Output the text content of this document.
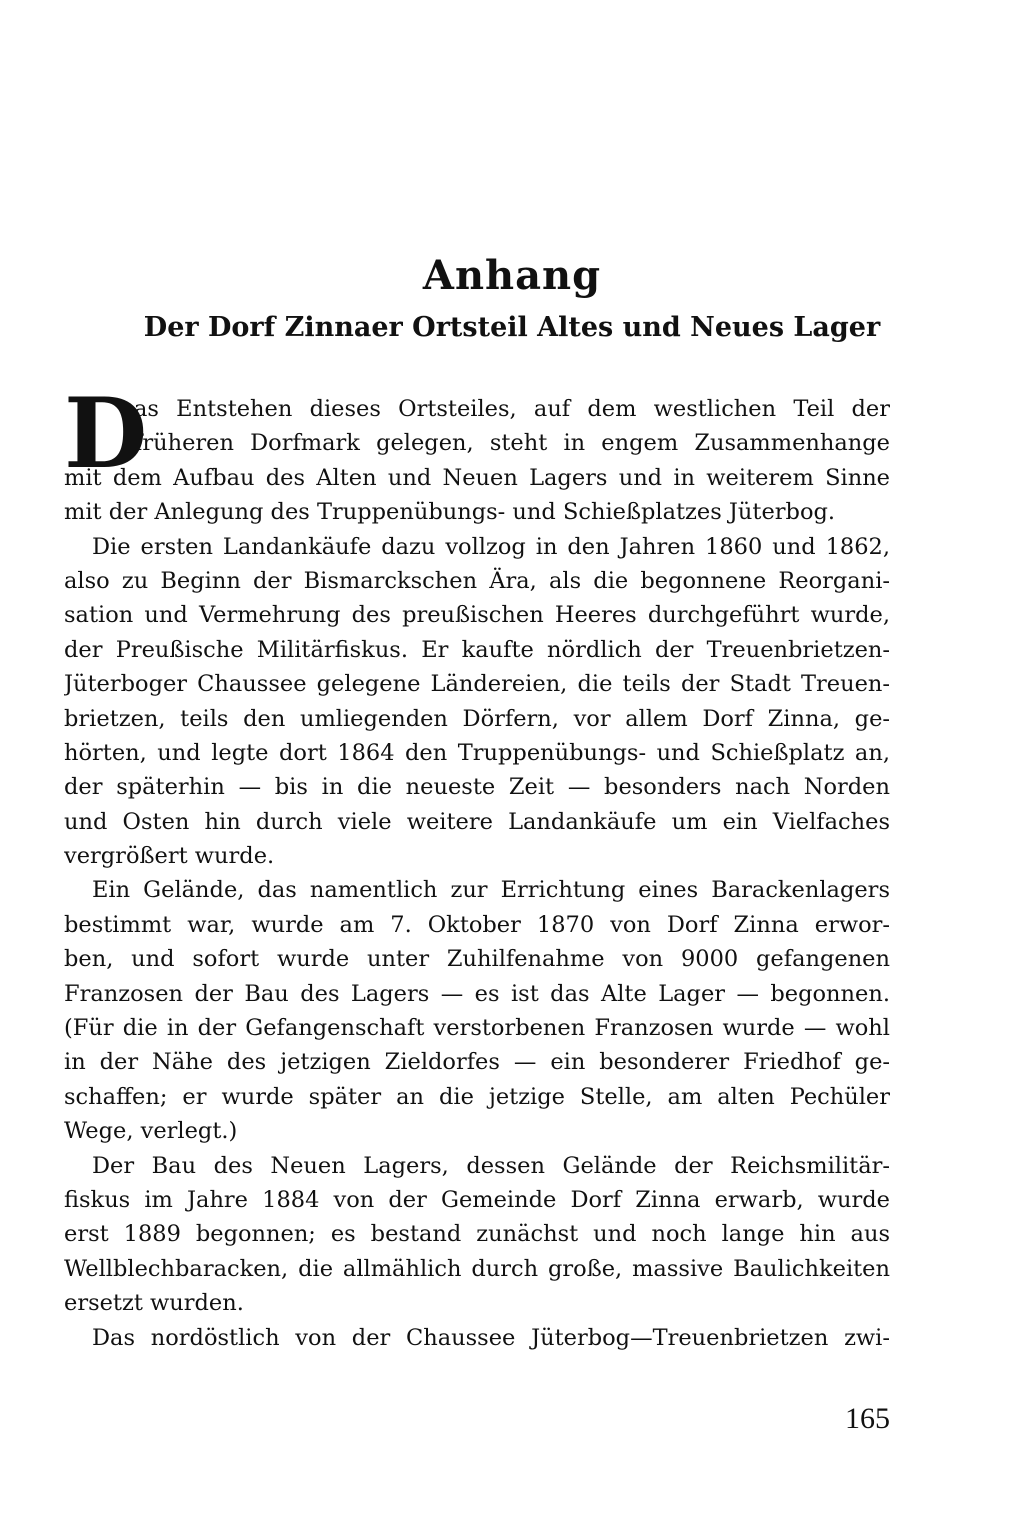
Anhang
Der Dorf Zinnaer Ortsteil Altes und Neues Lager
D
as Entstehen dieses Ortsteiles, auf dem westlichen Teil der
früheren Dorfmark gelegen, steht in engem Zusammenhange
mit dem Aufbau des Alten und Neuen Lagers und in weiterem Sinne
mit der Anlegung des Truppenübungs- und Schießplatzes Jüterbog.
Die ersten Landankäufe dazu vollzog in den Jahren 1860 und 1862,
also zu Beginn der Bismarckschen Ära, als die begonnene Reorgani-
sation und Vermehrung des preußischen Heeres durchgeführt wurde,
der Preußische Militärfiskus. Er kaufte nördlich der Treuenbrietzen-
Jüterboger Chaussee gelegene Ländereien, die teils der Stadt Treuen-
brietzen, teils den umliegenden Dörfern, vor allem Dorf Zinna, ge-
hörten, und legte dort 1864 den Truppenübungs- und Schießplatz an,
der späterhin — bis in die neueste Zeit — besonders nach Norden
und Osten hin durch viele weitere Landankäufe um ein Vielfaches
vergrößert wurde.
Ein Gelände, das namentlich zur Errichtung eines Barackenlagers
bestimmt war, wurde am 7. Oktober 1870 von Dorf Zinna erwor-
ben, und sofort wurde unter Zuhilfenahme von 9000 gefangenen
Franzosen der Bau des Lagers — es ist das Alte Lager — begonnen.
(Für die in der Gefangenschaft verstorbenen Franzosen wurde — wohl
in der Nähe des jetzigen Zieldorfes — ein besonderer Friedhof ge-
schaffen; er wurde später an die jetzige Stelle, am alten Pechüler
Wege, verlegt.)
Der Bau des Neuen Lagers, dessen Gelände der Reichsmilitär-
fiskus im Jahre 1884 von der Gemeinde Dorf Zinna erwarb, wurde
erst 1889 begonnen; es bestand zunächst und noch lange hin aus
Wellblechbaracken, die allmählich durch große, massive Baulichkeiten
ersetzt wurden.
Das nordöstlich von der Chaussee Jüterbog—Treuenbrietzen zwi-
165
